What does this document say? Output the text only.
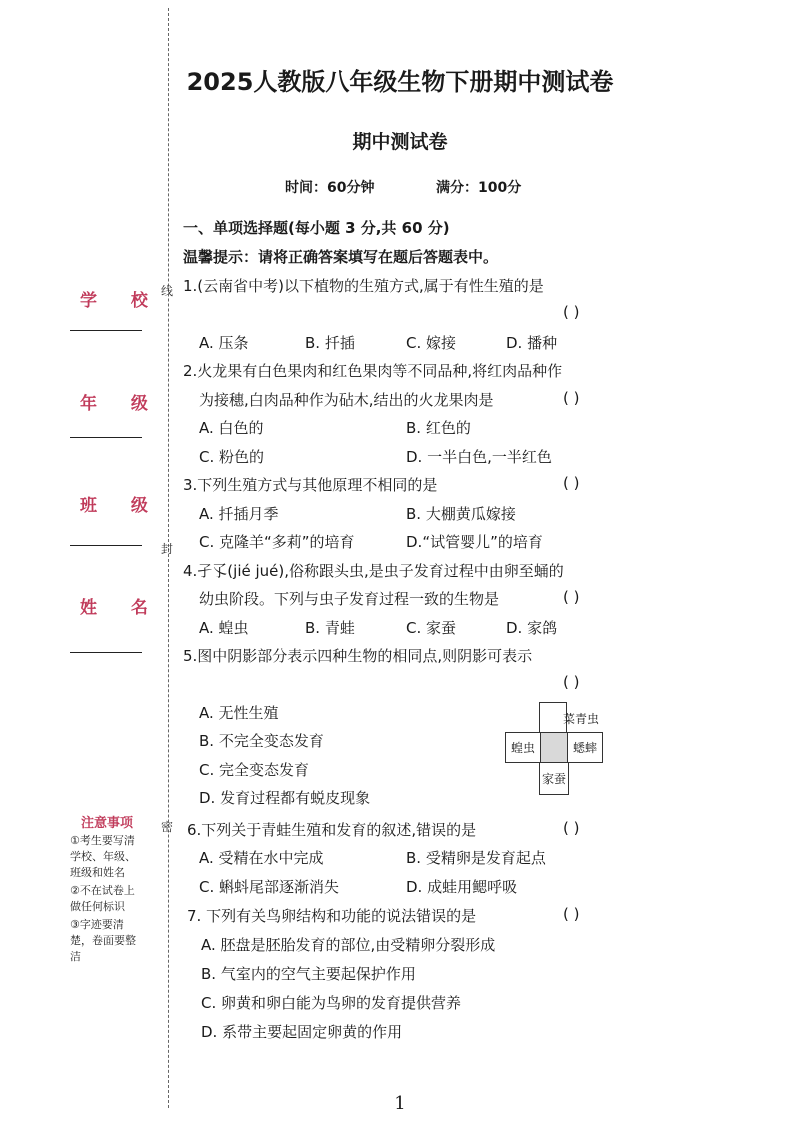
学 校
年 级
班 级
姓 名
线
封
密
注意事项
①考生要写清学校、年级、班级和姓名
②不在试卷上做任何标识
③字迹要清楚，卷面要整洁
2025人教版八年级生物下册期中测试卷
期中测试卷
时间：60分钟	满分：100分
一、单项选择题(每小题 3 分,共 60 分)
温馨提示：请将正确答案填写在题后答题表中。
1.(云南省中考)以下植物的生殖方式,属于有性生殖的是
( )
A. 压条	B. 扦插	C. 嫁接	D. 播种
2.火龙果有白色果肉和红色果肉等不同品种,将红肉品种作
为接穗,白肉品种作为砧木,结出的火龙果肉是	( )
A. 白色的	B. 红色的
C. 粉色的	D. 一半白色,一半红色
3.下列生殖方式与其他原理不相同的是	( )
A. 扦插月季	B. 大棚黄瓜嫁接
C. 克隆羊“多莉”的培育	D.“试管婴儿”的培育
4.孑孓(jié jué),俗称跟头虫,是虫子发育过程中由卵至蛹的
幼虫阶段。下列与虫子发育过程一致的生物是	( )
A. 蝗虫	B. 青蛙	C. 家蚕	D. 家鸽
5.图中阴影部分表示四种生物的相同点,则阴影可表示
( )
A. 无性生殖
B. 不完全变态发育
C. 完全变态发育
D. 发育过程都有蜕皮现象
菜青虫
蝗虫	蟋蟀
家蚕
6.下列关于青蛙生殖和发育的叙述,错误的是	( )
A. 受精在水中完成	B. 受精卵是发育起点
C. 蝌蚪尾部逐渐消失	D. 成蛙用鳃呼吸
7. 下列有关鸟卵结构和功能的说法错误的是	( )
A. 胚盘是胚胎发育的部位,由受精卵分裂形成
B. 气室内的空气主要起保护作用
C. 卵黄和卵白能为鸟卵的发育提供营养
D. 系带主要起固定卵黄的作用
1
